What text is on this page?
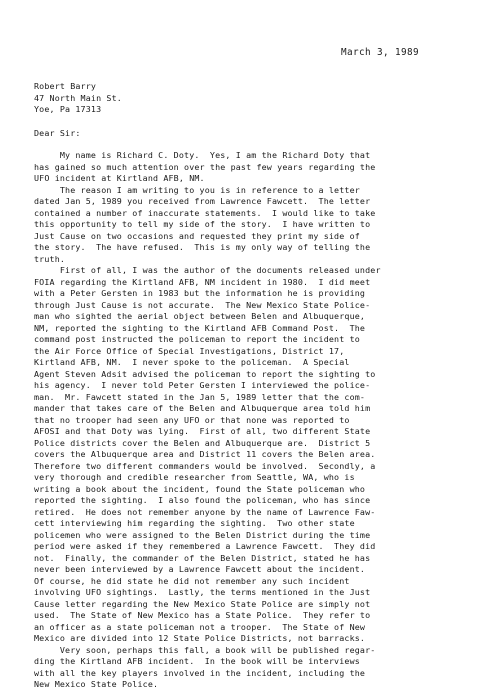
March 3, 1989
Robert Barry
47 North Main St.
Yoe, Pa 17313
Dear Sir:
My name is Richard C. Doty.  Yes, I am the Richard Doty that
has gained so much attention over the past few years regarding the
UFO incident at Kirtland AFB, NM.
The reason I am writing to you is in reference to a letter
dated Jan 5, 1989 you received from Lawrence Fawcett.  The letter
contained a number of inaccurate statements.  I would like to take
this opportunity to tell my side of the story.  I have written to
Just Cause on two occasions and requested they print my side of
the story.  The have refused.  This is my only way of telling the
truth.
First of all, I was the author of the documents released under
FOIA regarding the Kirtland AFB, NM incident in 1980.  I did meet
with a Peter Gersten in 1983 but the information he is providing
through Just Cause is not accurate.  The New Mexico State Police-
man who sighted the aerial object between Belen and Albuquerque,
NM, reported the sighting to the Kirtland AFB Command Post.  The
command post instructed the policeman to report the incident to
the Air Force Office of Special Investigations, District 17,
Kirtland AFB, NM.  I never spoke to the policeman.  A Special
Agent Steven Adsit advised the policeman to report the sighting to
his agency.  I never told Peter Gersten I interviewed the police-
man.  Mr. Fawcett stated in the Jan 5, 1989 letter that the com-
mander that takes care of the Belen and Albuquerque area told him
that no trooper had seen any UFO or that none was reported to
AFOSI and that Doty was lying.  First of all, two different State
Police districts cover the Belen and Albuquerque are.  District 5
covers the Albuquerque area and District 11 covers the Belen area.
Therefore two different commanders would be involved.  Secondly, a
very thorough and credible researcher from Seattle, WA, who is
writing a book about the incident, found the State policeman who
reported the sighting.  I also found the policeman, who has since
retired.  He does not remember anyone by the name of Lawrence Faw-
cett interviewing him regarding the sighting.  Two other state
policemen who were assigned to the Belen District during the time
period were asked if they remembered a Lawrence Fawcett.  They did
not.  Finally, the commander of the Belen District, stated he has
never been interviewed by a Lawrence Fawcett about the incident.
Of course, he did state he did not remember any such incident
involving UFO sightings.  Lastly, the terms mentioned in the Just
Cause letter regarding the New Mexico State Police are simply not
used.  The State of New Mexico has a State Police.  They refer to
an officer as a state policeman not a trooper.  The State of New
Mexico are divided into 12 State Police Districts, not barracks.
Very soon, perhaps this fall, a book will be published regar-
ding the Kirtland AFB incident.  In the book will be interviews
with all the key players involved in the incident, including the
New Mexico State Police.
